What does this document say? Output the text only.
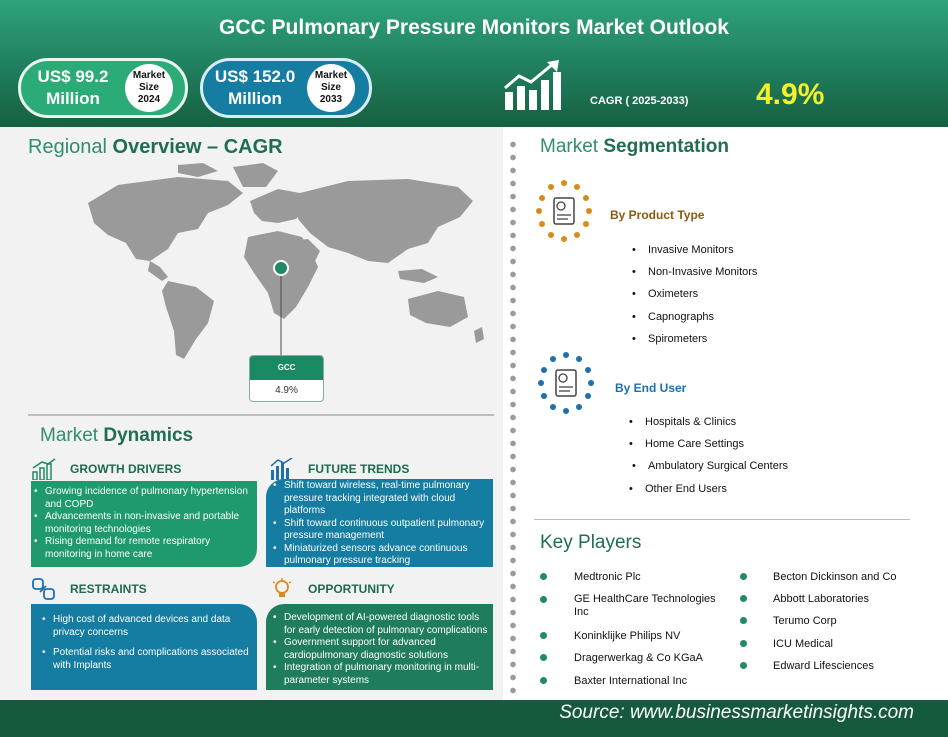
GCC Pulmonary Pressure Monitors Market Outlook
US$ 99.2
Million
Market
Size
2024
US$ 152.0
Million
Market
Size
2033	CAGR ( 2025-2033) 4.9%
Regional Overview – CAGR
GCC
4.9%
Market Dynamics
GROWTH DRIVERS
• Growing incidence of pulmonary hypertension and COPD
• Advancements in non-invasive and portable monitoring technologies
• Rising demand for remote respiratory monitoring in home care
FUTURE TRENDS
• Shift toward wireless, real-time pulmonary pressure tracking integrated with cloud platforms
• Shift toward continuous outpatient pulmonary pressure management
• Miniaturized sensors advance continuous pulmonary pressure tracking
RESTRAINTS
• High cost of advanced devices and data privacy concerns
• Potential risks and complications associated with Implants
OPPORTUNITY
• Development of AI-powered diagnostic tools for early detection of pulmonary complications
• Government support for advanced cardiopulmonary diagnostic solutions
• Integration of pulmonary monitoring in multi-parameter systems
Market Segmentation
By Product Type
• Invasive Monitors
• Non-Invasive Monitors
• Oximeters
• Capnographs
• Spirometers
By End User
• Hospitals & Clinics
• Home Care Settings
• Ambulatory Surgical Centers
• Other End Users
Key Players
Medtronic Plc
GE HealthCare Technologies Inc
Koninklijke Philips NV
Dragerwerkag & Co KGaA
Baxter International Inc
Becton Dickinson and Co
Abbott Laboratories
Terumo Corp
ICU Medical
Edward Lifesciences
Source: www.businessmarketinsights.com
